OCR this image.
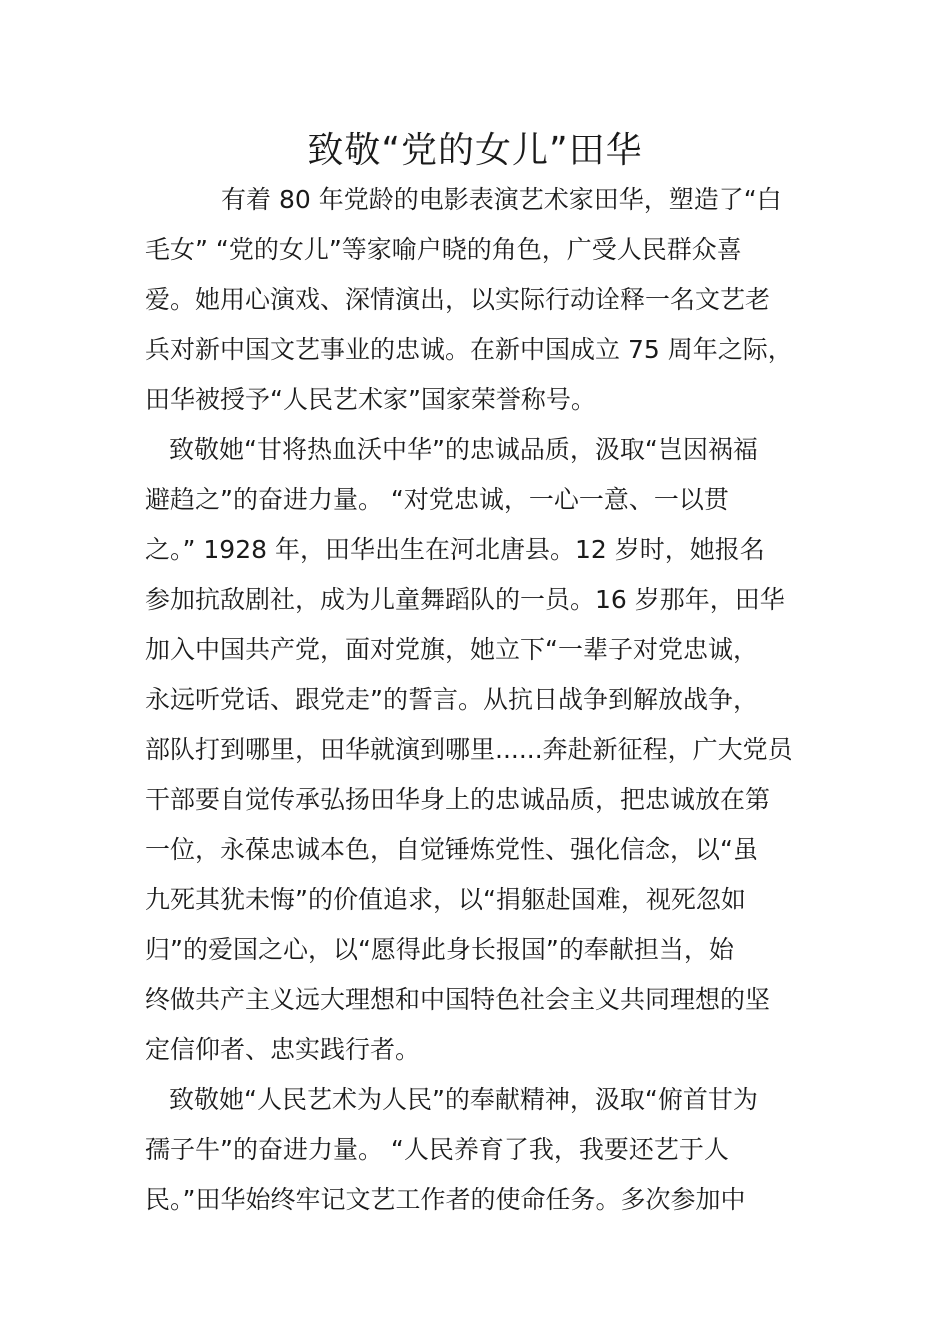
致敬“党的女儿”田华

有着 80 年党龄的电影表演艺术家田华，塑造了“白

毛女” “党的女儿”等家喻户晓的角色，广受人民群众喜

爱。她用心演戏、深情演出，以实际行动诠释一名文艺老

兵对新中国文艺事业的忠诚。在新中国成立 75 周年之际，

田华被授予“人民艺术家”国家荣誉称号。

致敬她“甘将热血沃中华”的忠诚品质，汲取“岂因祸福

避趋之”的奋进力量。 “对党忠诚，一心一意、一以贯

之。” 1928 年，田华出生在河北唐县。12 岁时，她报名

参加抗敌剧社，成为儿童舞蹈队的一员。16 岁那年，田华

加入中国共产党，面对党旗，她立下“一辈子对党忠诚，

永远听党话、跟党走”的誓言。从抗日战争到解放战争，

部队打到哪里，田华就演到哪里......奔赴新征程，广大党员

干部要自觉传承弘扬田华身上的忠诚品质，把忠诚放在第

一位，永葆忠诚本色，自觉锤炼党性、强化信念，以“虽

九死其犹未悔”的价值追求，以“捐躯赴国难，视死忽如

归”的爱国之心，以“愿得此身长报国”的奉献担当，始

终做共产主义远大理想和中国特色社会主义共同理想的坚

定信仰者、忠实践行者。

致敬她“人民艺术为人民”的奉献精神，汲取“俯首甘为

孺子牛”的奋进力量。 “人民养育了我，我要还艺于人

民。”田华始终牢记文艺工作者的使命任务。多次参加中
